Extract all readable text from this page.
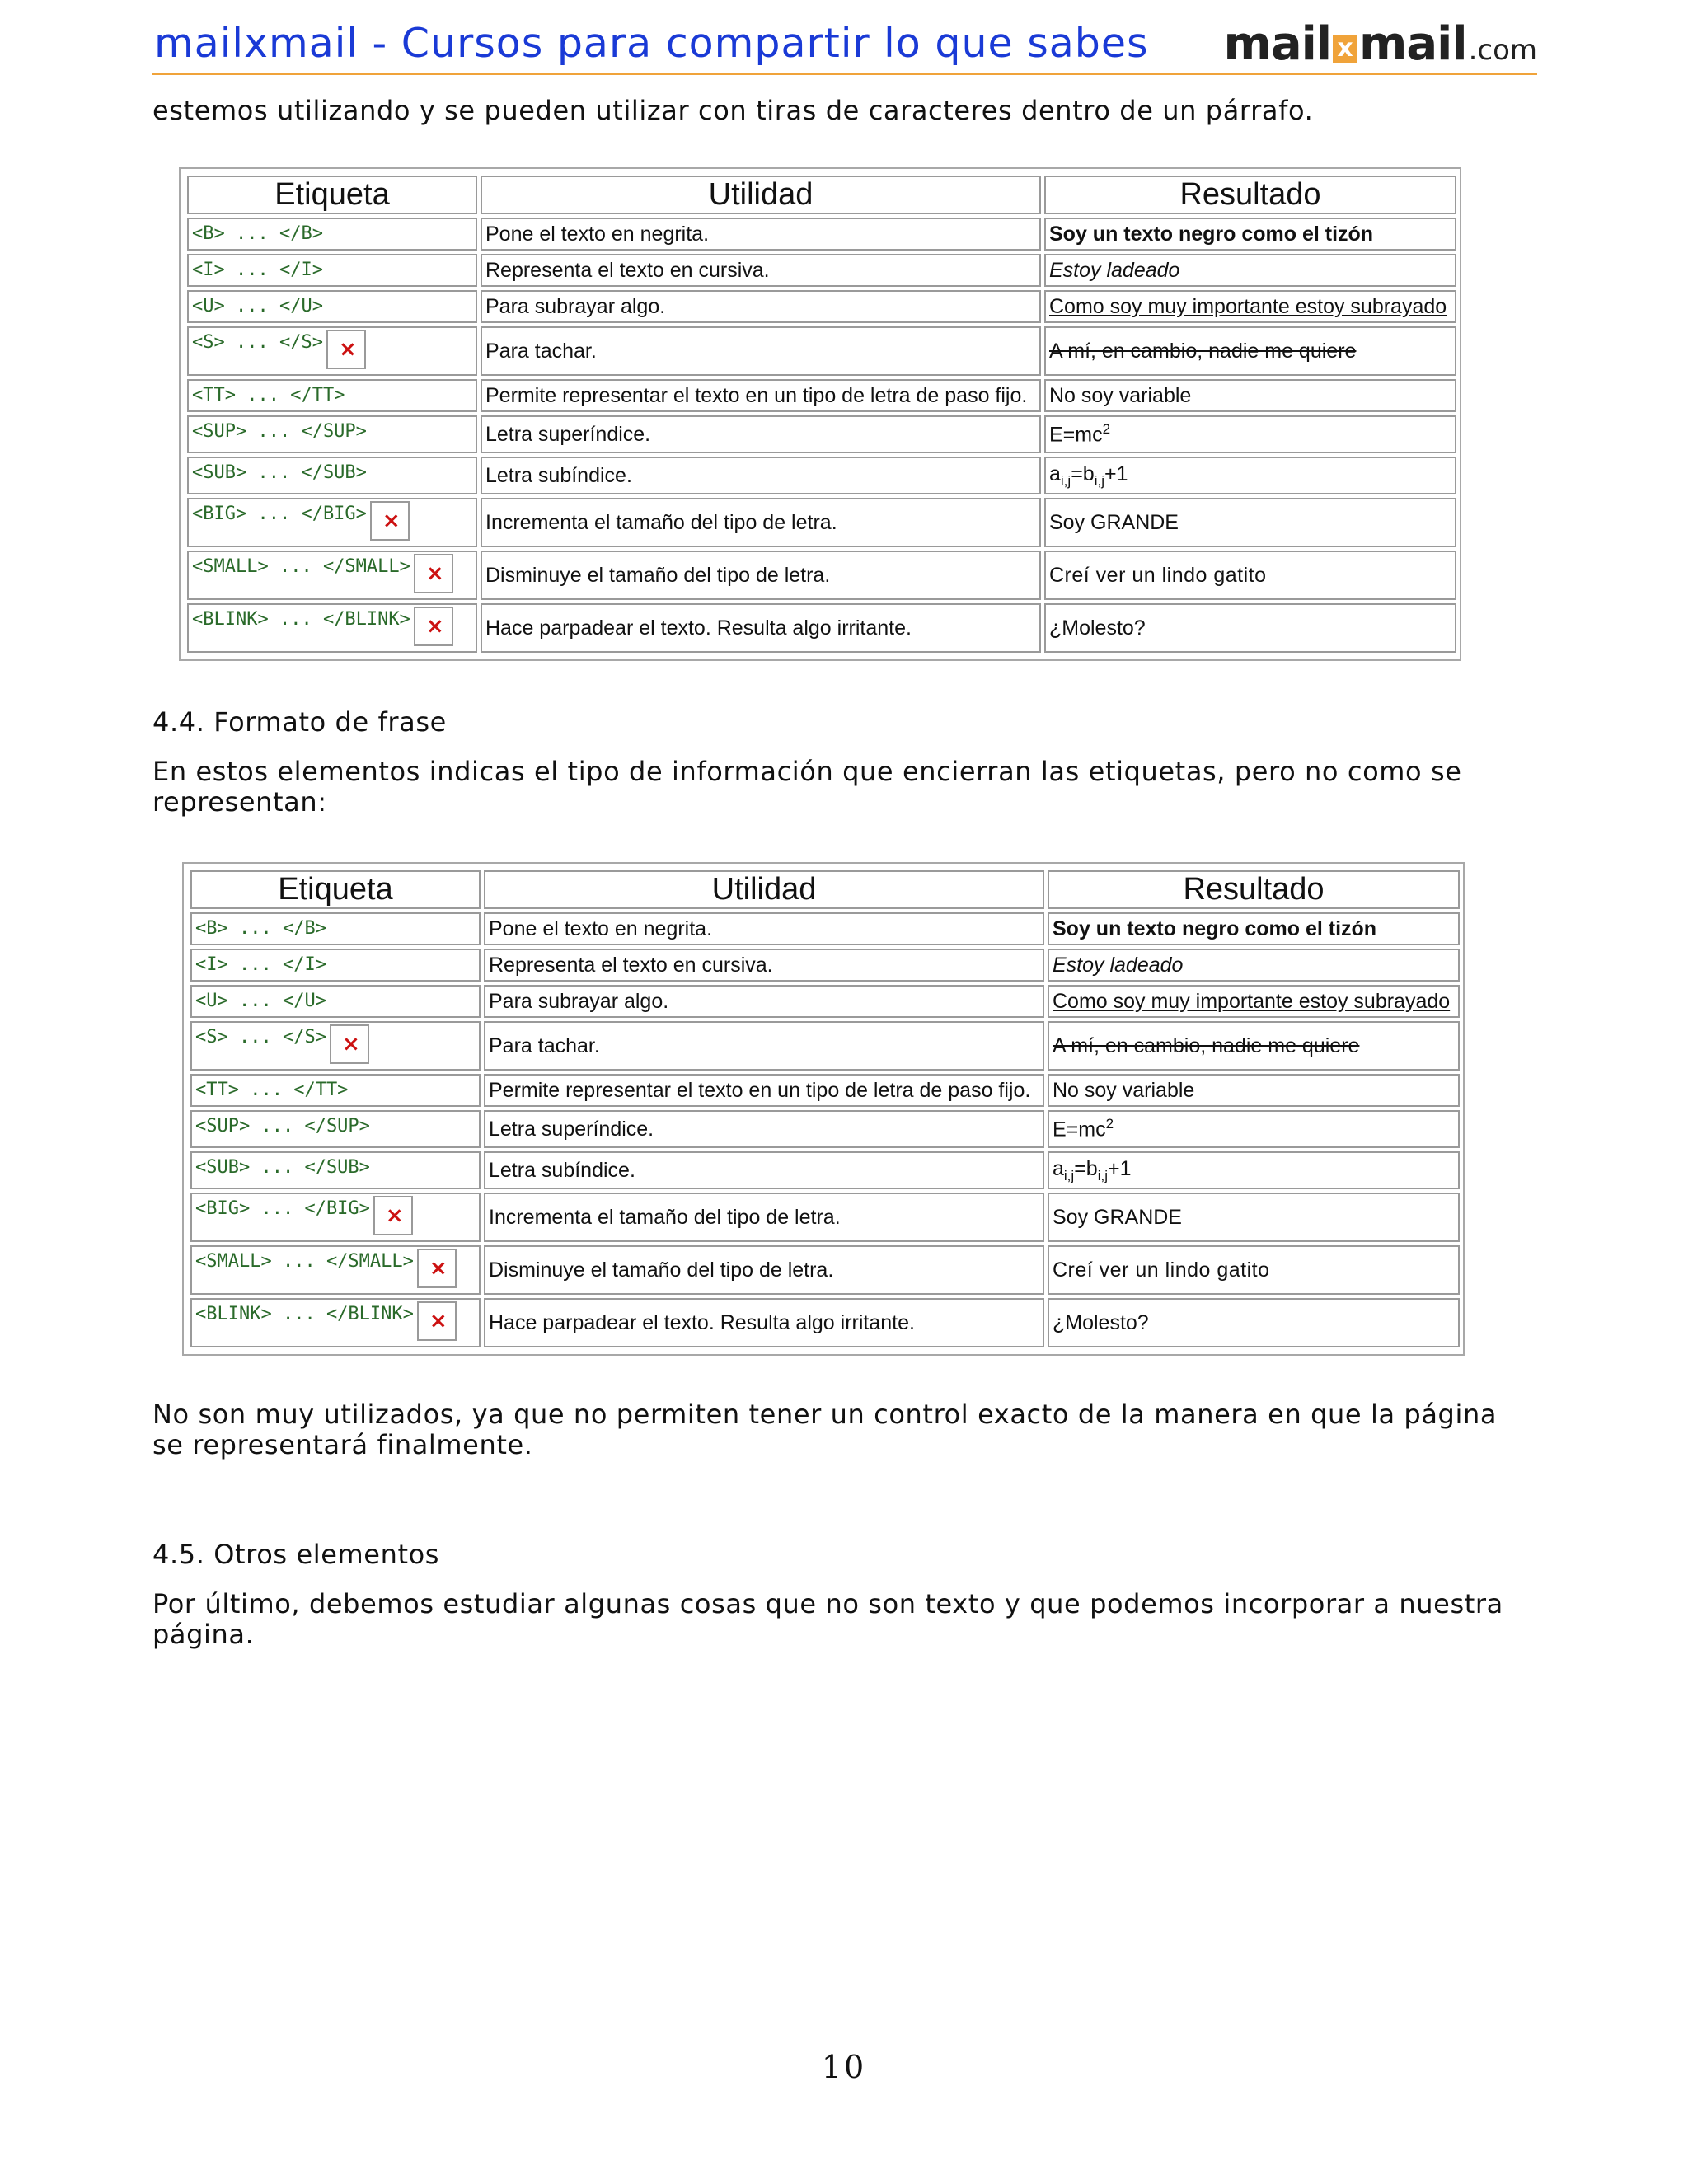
mailxmail - Cursos para compartir lo que sabes mail x mail .com

estemos utilizando y se pueden utilizar con tiras de caracteres dentro de un párrafo.

Etiqueta	Utilidad	Resultado
<B> ... </B>	Pone el texto en negrita.	Soy un texto negro como el tizón
<I> ... </I>	Representa el texto en cursiva.	Estoy ladeado
<U> ... </U>	Para subrayar algo.	Como soy muy importante estoy subrayado
<S> ... </S>×	Para tachar.	A mí, en cambio, nadie me quiere
<TT> ... </TT>	Permite representar el texto en un tipo de letra de paso fijo.	No soy variable
<SUP> ... </SUP>	Letra superíndice.	$E=mc^2$
<SUB> ... </SUB>	Letra subíndice.	$a_{i,j}=b_{i,j}+1$
<BIG> ... </BIG>×	Incrementa el tamaño del tipo de letra.	Soy GRANDE
<SMALL> ... </SMALL>×	Disminuye el tamaño del tipo de letra.	Creí ver un lindo gatito
<BLINK> ... </BLINK>×	Hace parpadear el texto. Resulta algo irritante.	¿Molesto?

4.4. Formato de frase

En estos elementos indicas el tipo de información que encierran las etiquetas, pero no como se representan:

Etiqueta	Utilidad	Resultado
<B> ... </B>	Pone el texto en negrita.	Soy un texto negro como el tizón
<I> ... </I>	Representa el texto en cursiva.	Estoy ladeado
<U> ... </U>	Para subrayar algo.	Como soy muy importante estoy subrayado
<S> ... </S>×	Para tachar.	A mí, en cambio, nadie me quiere
<TT> ... </TT>	Permite representar el texto en un tipo de letra de paso fijo.	No soy variable
<SUP> ... </SUP>	Letra superíndice.	$E=mc^2$
<SUB> ... </SUB>	Letra subíndice.	$a_{i,j}=b_{i,j}+1$
<BIG> ... </BIG>×	Incrementa el tamaño del tipo de letra.	Soy GRANDE
<SMALL> ... </SMALL>×	Disminuye el tamaño del tipo de letra.	Creí ver un lindo gatito
<BLINK> ... </BLINK>×	Hace parpadear el texto. Resulta algo irritante.	¿Molesto?

No son muy utilizados, ya que no permiten tener un control exacto de la manera en que la página se representará finalmente.

4.5. Otros elementos

Por último, debemos estudiar algunas cosas que no son texto y que podemos incorporar a nuestra página.

10
